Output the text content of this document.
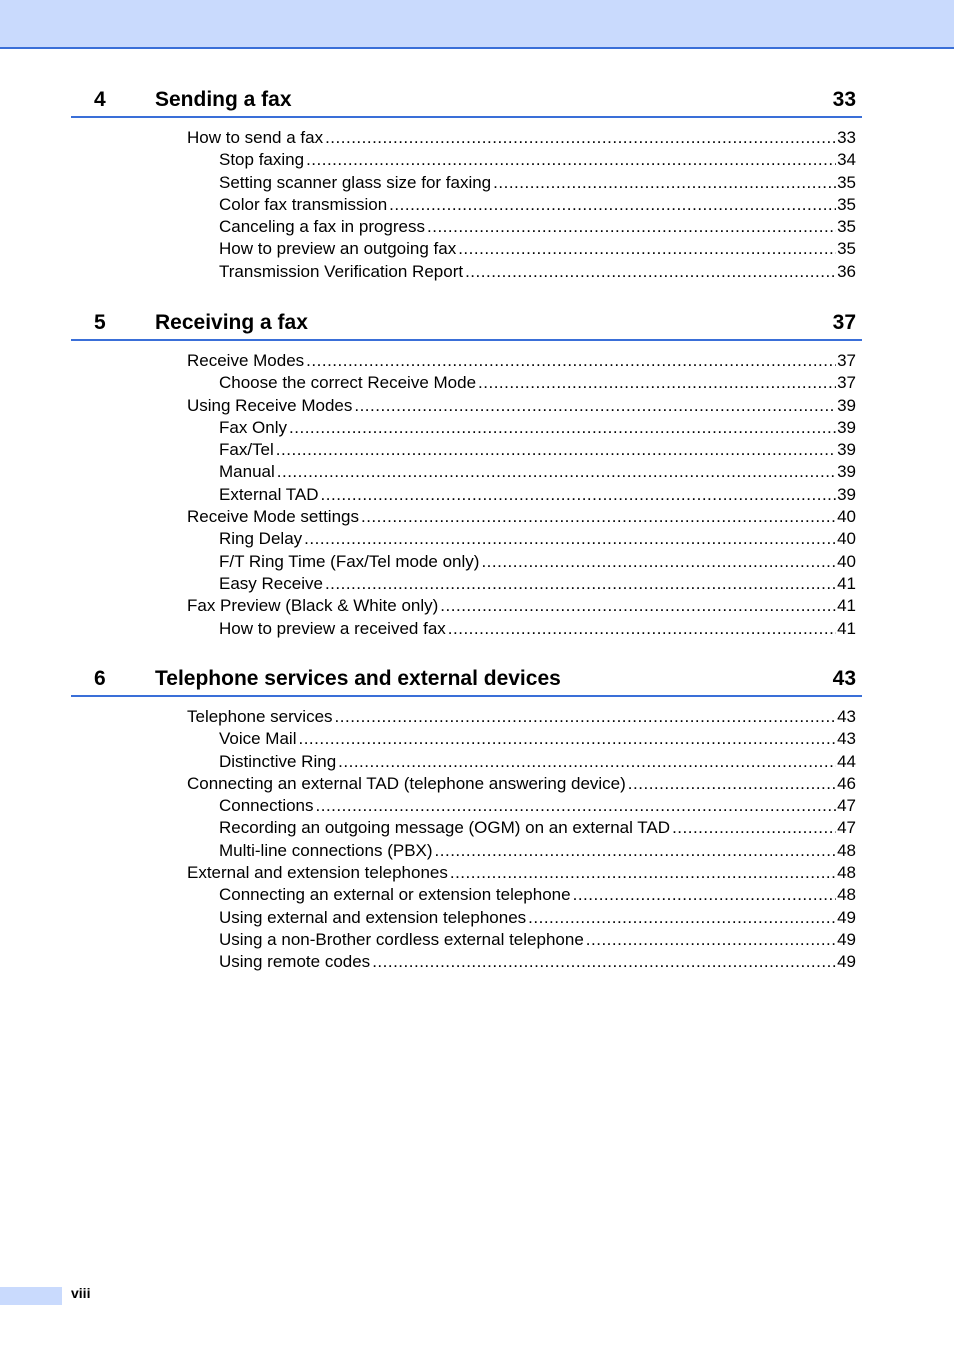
4 Sending a fax	33
How to send a fax .....	33
Stop faxing .....	34
Setting scanner glass size for faxing .....	35
Color fax transmission .....	35
Canceling a fax in progress .....	35
How to preview an outgoing fax .....	35
Transmission Verification Report .....	36
5 Receiving a fax	37
Receive Modes .....	37
Choose the correct Receive Mode .....	37
Using Receive Modes .....	39
Fax Only .....	39
Fax/Tel .....	39
Manual .....	39
External TAD .....	39
Receive Mode settings .....	40
Ring Delay .....	40
F/T Ring Time (Fax/Tel mode only) .....	40
Easy Receive .....	41
Fax Preview (Black & White only) .....	41
How to preview a received fax .....	41
6 Telephone services and external devices	43
Telephone services .....	43
Voice Mail .....	43
Distinctive Ring .....	44
Connecting an external TAD (telephone answering device) .....	46
Connections .....	47
Recording an outgoing message (OGM) on an external TAD .....	47
Multi-line connections (PBX) .....	48
External and extension telephones .....	48
Connecting an external or extension telephone .....	48
Using external and extension telephones .....	49
Using a non-Brother cordless external telephone .....	49
Using remote codes .....	49
viii
